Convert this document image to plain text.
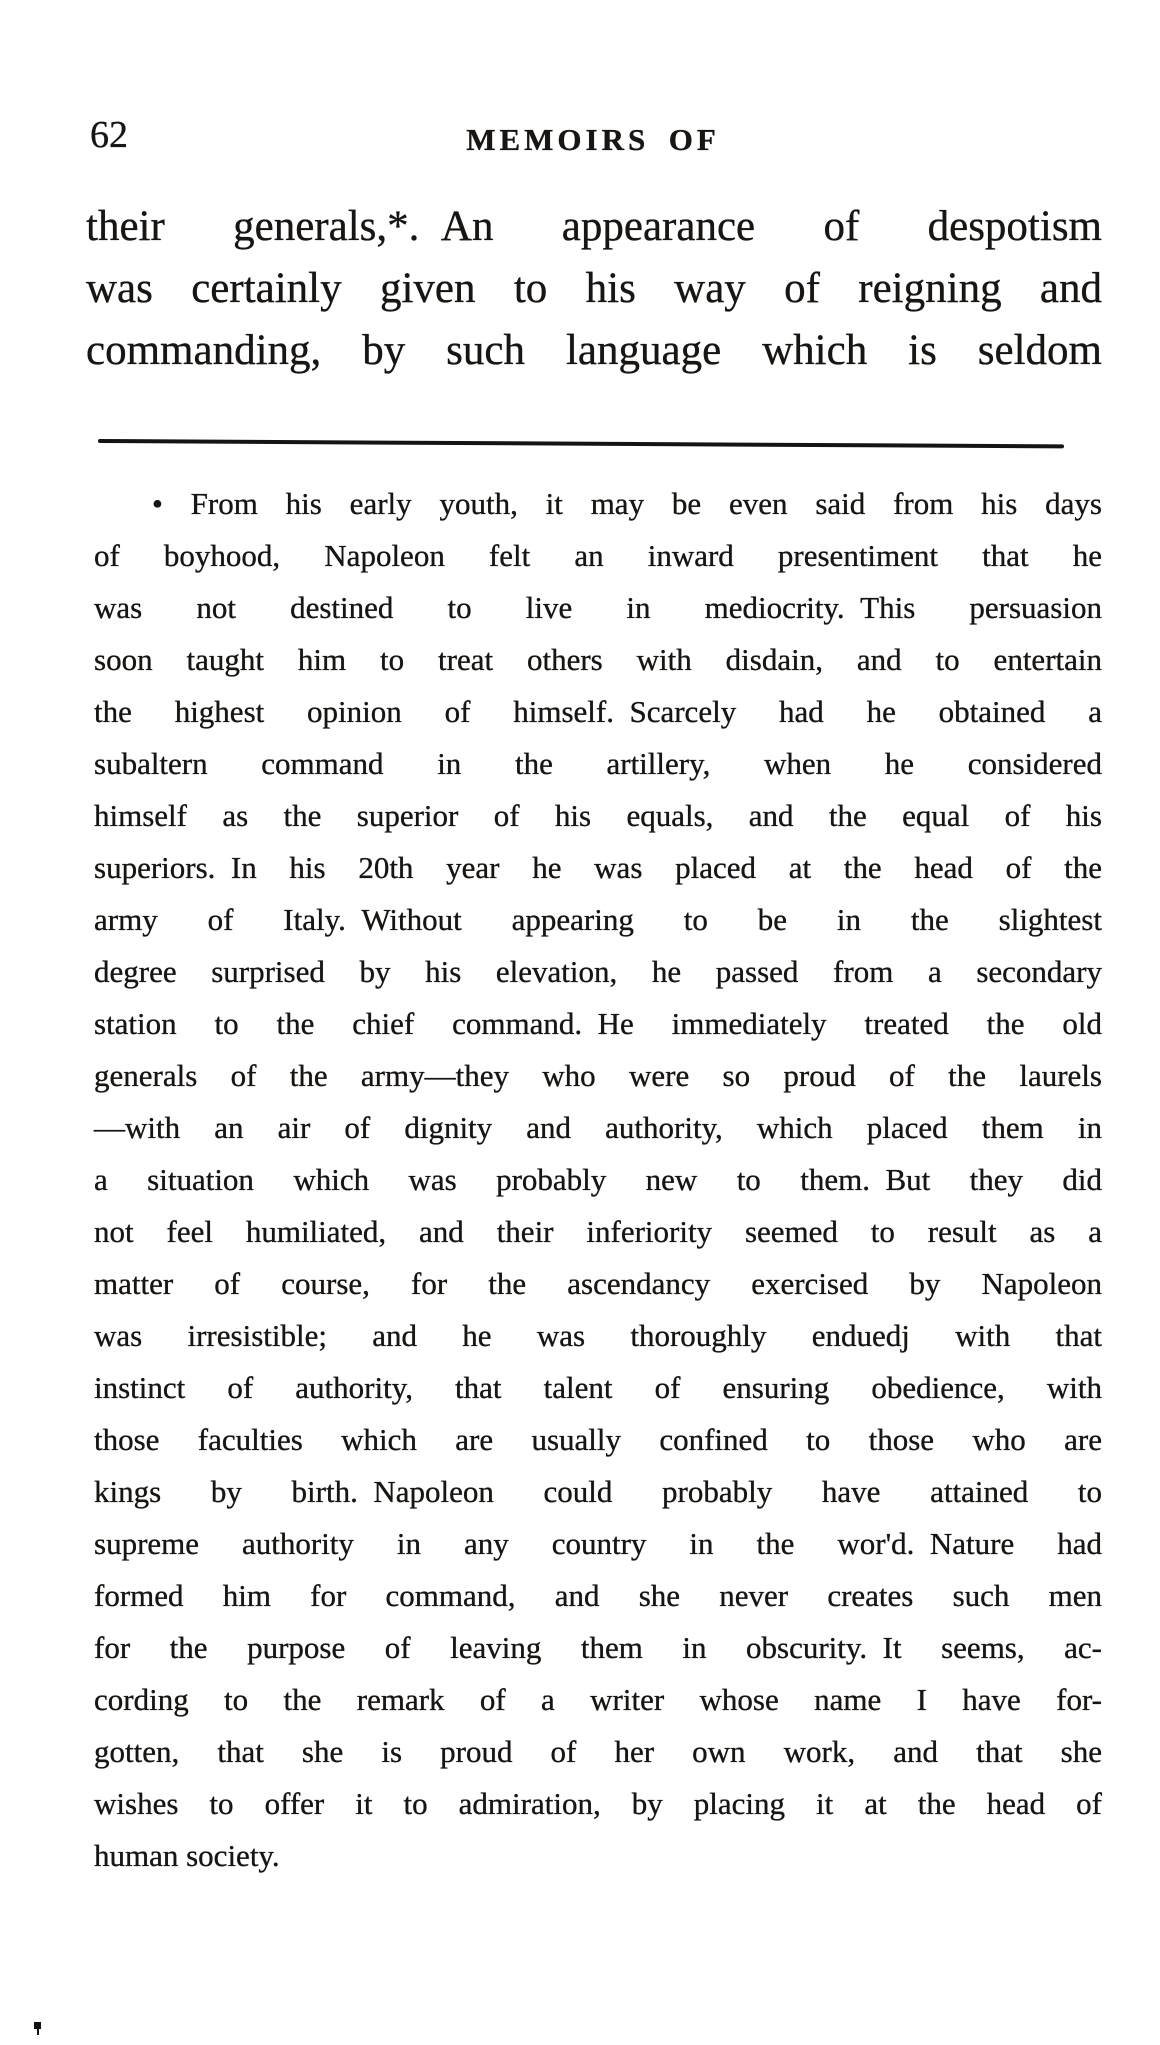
62	MEMOIRS OF
their generals,*. An appearance of despotism
was certainly given to his way of reigning and
commanding, by such language which is seldom
• From his early youth, it may be even said from his days
of boyhood, Napoleon felt an inward presentiment that he
was not destined to live in mediocrity. This persuasion
soon taught him to treat others with disdain, and to entertain
the highest opinion of himself. Scarcely had he obtained a
subaltern command in the artillery, when he considered
himself as the superior of his equals, and the equal of his
superiors. In his 20th year he was placed at the head of the
army of Italy. Without appearing to be in the slightest
degree surprised by his elevation, he passed from a secondary
station to the chief command. He immediately treated the old
generals of the army—they who were so proud of the laurels
—with an air of dignity and authority, which placed them in
a situation which was probably new to them. But they did
not feel humiliated, and their inferiority seemed to result as a
matter of course, for the ascendancy exercised by Napoleon
was irresistible; and he was thoroughly enduedj with that
instinct of authority, that talent of ensuring obedience, with
those faculties which are usually confined to those who are
kings by birth. Napoleon could probably have attained to
supreme authority in any country in the wor'd. Nature had
formed him for command, and she never creates such men
for the purpose of leaving them in obscurity. It seems, ac-
cording to the remark of a writer whose name I have for-
gotten, that she is proud of her own work, and that she
wishes to offer it to admiration, by placing it at the head of
human society.
